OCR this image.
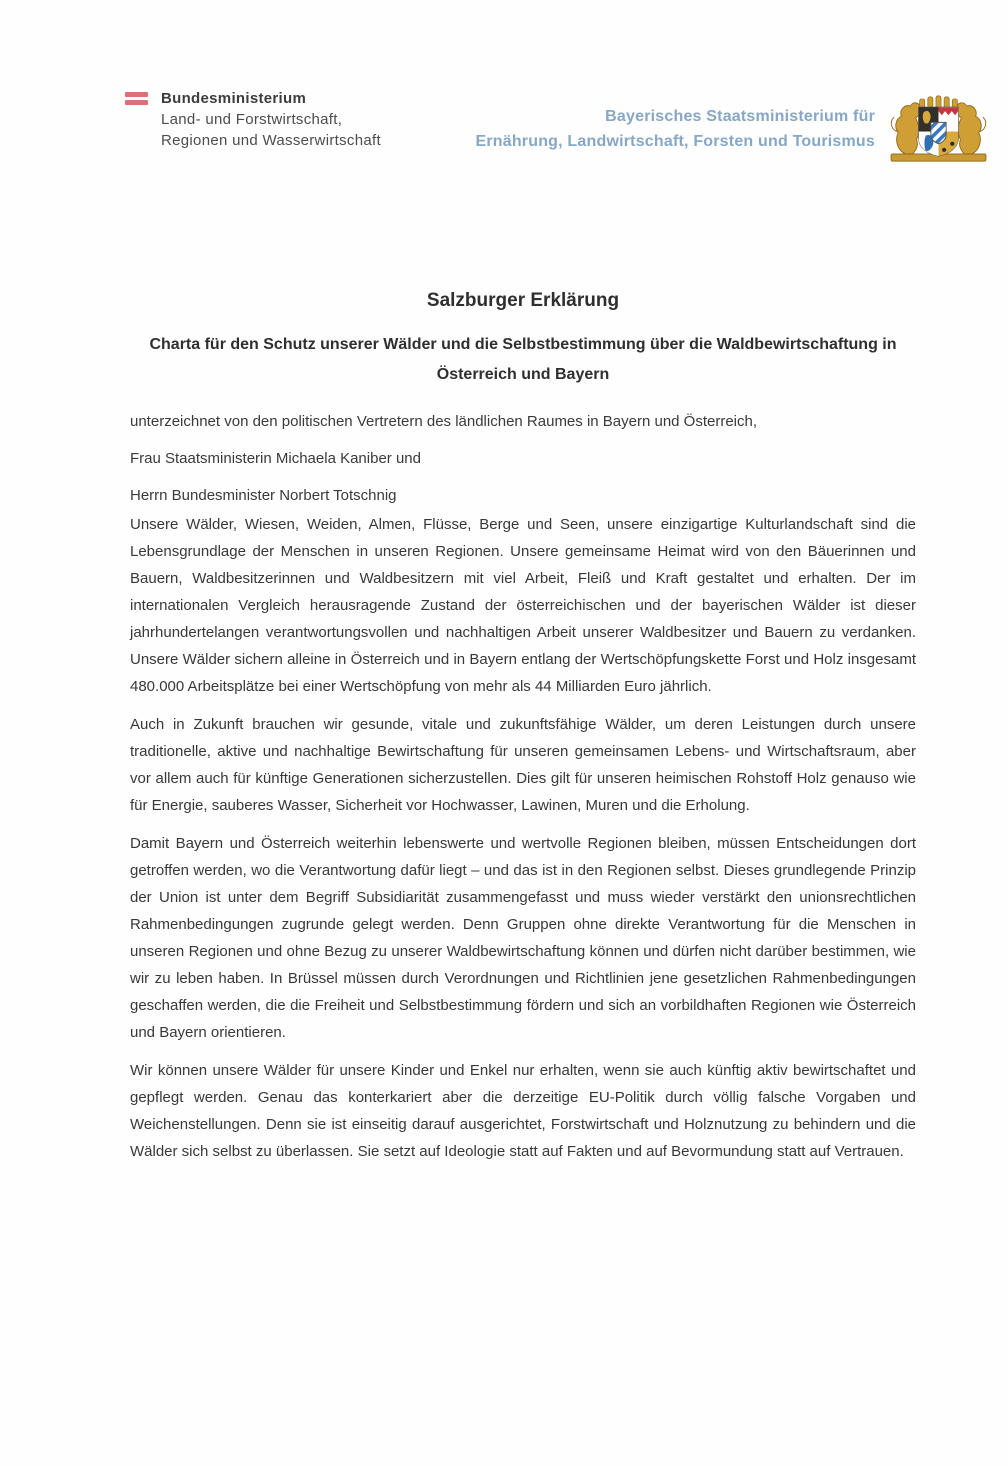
Bundesministerium
Land- und Forstwirtschaft,
Regionen und Wasserwirtschaft
Bayerisches Staatsministerium für
Ernährung, Landwirtschaft, Forsten und Tourismus
Salzburger Erklärung
Charta für den Schutz unserer Wälder und die Selbstbestimmung über die Waldbewirtschaftung in Österreich und Bayern

unterzeichnet von den politischen Vertretern des ländlichen Raumes in Bayern und Österreich,

Frau Staatsministerin Michaela Kaniber und

Herrn Bundesminister Norbert Totschnig

Unsere Wälder, Wiesen, Weiden, Almen, Flüsse, Berge und Seen, unsere einzigartige Kulturlandschaft sind die Lebensgrundlage der Menschen in unseren Regionen. Unsere gemeinsame Heimat wird von den Bäuerinnen und Bauern, Waldbesitzerinnen und Waldbesitzern mit viel Arbeit, Fleiß und Kraft gestaltet und erhalten. Der im internationalen Vergleich herausragende Zustand der österreichischen und der bayerischen Wälder ist dieser jahrhundertelangen verantwortungsvollen und nachhaltigen Arbeit unserer Waldbesitzer und Bauern zu verdanken. Unsere Wälder sichern alleine in Österreich und in Bayern entlang der Wertschöpfungskette Forst und Holz insgesamt 480.000 Arbeitsplätze bei einer Wertschöpfung von mehr als 44 Milliarden Euro jährlich.

Auch in Zukunft brauchen wir gesunde, vitale und zukunftsfähige Wälder, um deren Leistungen durch unsere traditionelle, aktive und nachhaltige Bewirtschaftung für unseren gemeinsamen Lebens- und Wirtschaftsraum, aber vor allem auch für künftige Generationen sicherzustellen. Dies gilt für unseren heimischen Rohstoff Holz genauso wie für Energie, sauberes Wasser, Sicherheit vor Hochwasser, Lawinen, Muren und die Erholung.

Damit Bayern und Österreich weiterhin lebenswerte und wertvolle Regionen bleiben, müssen Entscheidungen dort getroffen werden, wo die Verantwortung dafür liegt – und das ist in den Regionen selbst. Dieses grundlegende Prinzip der Union ist unter dem Begriff Subsidiarität zusammengefasst und muss wieder verstärkt den unionsrechtlichen Rahmenbedingungen zugrunde gelegt werden. Denn Gruppen ohne direkte Verantwortung für die Menschen in unseren Regionen und ohne Bezug zu unserer Waldbewirtschaftung können und dürfen nicht darüber bestimmen, wie wir zu leben haben. In Brüssel müssen durch Verordnungen und Richtlinien jene gesetzlichen Rahmenbedingungen geschaffen werden, die die Freiheit und Selbstbestimmung fördern und sich an vorbildhaften Regionen wie Österreich und Bayern orientieren.

Wir können unsere Wälder für unsere Kinder und Enkel nur erhalten, wenn sie auch künftig aktiv bewirtschaftet und gepflegt werden. Genau das konterkariert aber die derzeitige EU-Politik durch völlig falsche Vorgaben und Weichenstellungen. Denn sie ist einseitig darauf ausgerichtet, Forstwirtschaft und Holznutzung zu behindern und die Wälder sich selbst zu überlassen. Sie setzt auf Ideologie statt auf Fakten und auf Bevormundung statt auf Vertrauen.
